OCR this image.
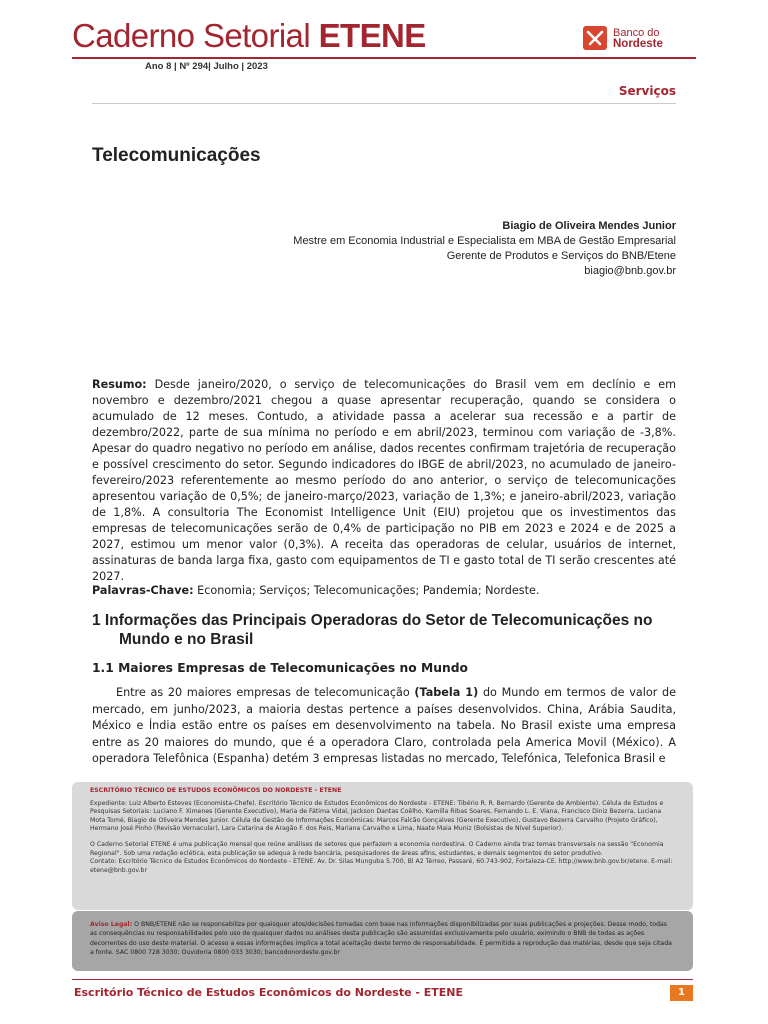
Caderno Setorial ETENE
Ano 8 | Nº 294| Julho | 2023
Banco do
Nordeste
Serviços
Telecomunicações
Biagio de Oliveira Mendes Junior
Mestre em Economia Industrial e Especialista em MBA de Gestão Empresarial
Gerente de Produtos e Serviços do BNB/Etene
biagio@bnb.gov.br

Resumo: Desde janeiro/2020, o serviço de telecomunicações do Brasil vem em declínio e em novembro e dezembro/2021 chegou a quase apresentar recuperação, quando se considera o acumulado de 12 meses. Contudo, a atividade passa a acelerar sua recessão e a partir de dezembro/2022, parte de sua mínima no período e em abril/2023, terminou com variação de -3,8%. Apesar do quadro negativo no período em análise, dados recentes confirmam trajetória de recuperação e possível crescimento do setor. Segundo indicadores do IBGE de abril/2023, no acumulado de janeiro-fevereiro/2023 referentemente ao mesmo período do ano anterior, o serviço de telecomunicações apresentou variação de 0,5%; de janeiro-março/2023, variação de 1,3%; e janeiro-abril/2023, variação de 1,8%. A consultoria The Economist Intelligence Unit (EIU) projetou que os investimentos das empresas de telecomunicações serão de 0,4% de participação no PIB em 2023 e 2024 e de 2025 a 2027, estimou um menor valor (0,3%). A receita das operadoras de celular, usuários de internet, assinaturas de banda larga fixa, gasto com equipamentos de TI e gasto total de TI serão crescentes até 2027.

Palavras-Chave: Economia; Serviços; Telecomunicações; Pandemia; Nordeste.

1 Informações das Principais Operadoras do Setor de Telecomunicações no Mundo e no Brasil
1.1 Maiores Empresas de Telecomunicações no Mundo

Entre as 20 maiores empresas de telecomunicação (Tabela 1) do Mundo em termos de valor de mercado, em junho/2023, a maioria destas pertence a países desenvolvidos. China, Arábia Saudita, México e Índia estão entre os países em desenvolvimento na tabela. No Brasil existe uma empresa entre as 20 maiores do mundo, que é a operadora Claro, controlada pela America Movil (México). A operadora Telefônica (Espanha) detém 3 empresas listadas no mercado, Telefónica, Telefonica Brasil e

ESCRITÓRIO TÉCNICO DE ESTUDOS ECONÔMICOS DO NORDESTE - ETENE

Expediente: Luiz Alberto Esteves (Economista-Chefe). Escritório Técnico de Estudos Econômicos do Nordeste - ETENE: Tibério R. R. Bernardo (Gerente de Ambiente). Célula de Estudos e Pesquisas Setoriais: Luciano F. Ximenes (Gerente Executivo), Maria de Fátima Vidal, Jackson Dantas Coêlho, Kamilla Ribas Soares, Fernando L. E. Viana, Francisco Diniz Bezerra, Luciana Mota Tomé, Biagio de Oliveira Mendes Junior. Célula de Gestão de Informações Econômicas: Marcos Falcão Gonçalves (Gerente Executivo), Gustavo Bezerra Carvalho (Projeto Gráfico), Hermano José Pinho (Revisão Vernacular), Lara Catarina de Aragão F. dos Reis, Mariana Carvalho e Lima, Naate Maia Muniz (Bolsistas de Nível Superior).

O Caderno Setorial ETENE é uma publicação mensal que reúne análises de setores que perfazem a economia nordestina. O Caderno ainda traz temas transversais na sessão "Economia Regional". Sob uma redação eclética, esta publicação se adequa à rede bancária, pesquisadores de áreas afins, estudantes, e demais segmentos do setor produtivo.

Contato: Escritório Técnico de Estudos Econômicos do Nordeste - ETENE. Av. Dr. Silas Munguba 5.700, Bl A2 Térreo, Passaré, 60.743-902, Fortaleza-CE. http://www.bnb.gov.br/etene. E-mail: etene@bnb.gov.br

Aviso Legal: O BNB/ETENE não se responsabiliza por quaisquer atos/decisões tomadas com base nas informações disponibilizadas por suas publicações e projeções. Desse modo, todas as consequências ou responsabilidades pelo uso de quaisquer dados ou análises desta publicação são assumidas exclusivamente pelo usuário, eximindo o BNB de todas as ações decorrentes do uso deste material. O acesso a essas informações implica a total aceitação deste termo de responsabilidade. É permitida a reprodução das matérias, desde que seja citada a fonte. SAC 0800 728 3030; Ouvidoria 0800 033 3030; bancodonordeste.gov.br
Escritório Técnico de Estudos Econômicos do Nordeste - ETENE	1
